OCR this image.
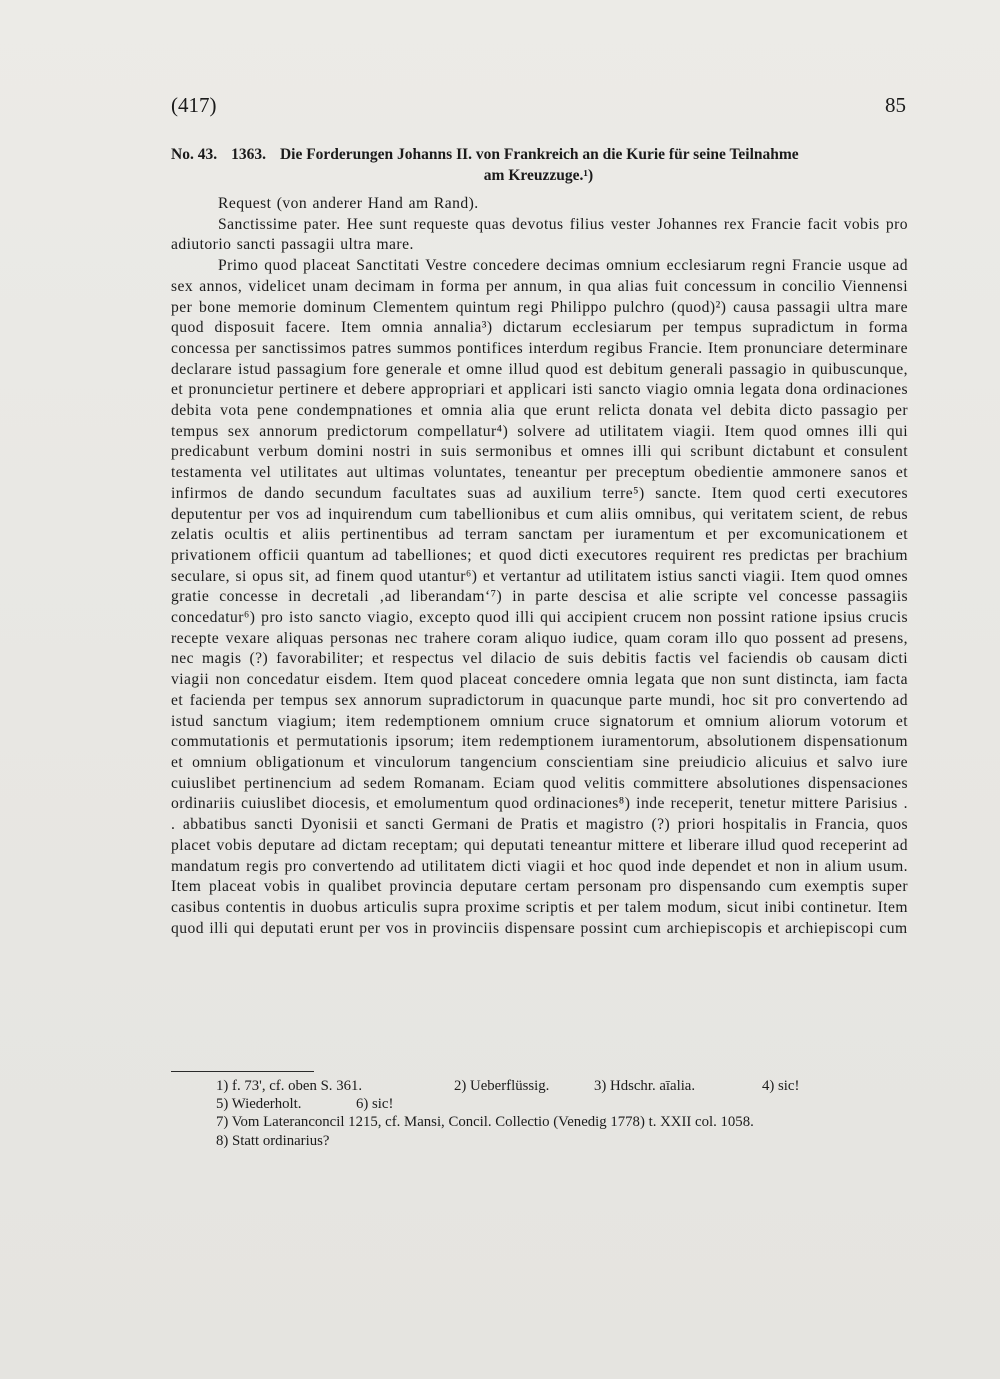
(417)	85
No. 43. 1363. Die Forderungen Johanns II. von Frankreich an die Kurie für seine Teilnahme
am Kreuzzuge.¹)

Request (von anderer Hand am Rand).

Sanctissime pater. Hee sunt requeste quas devotus filius vester Johannes rex Francie facit vobis pro adiutorio sancti passagii ultra mare.

Primo quod placeat Sanctitati Vestre concedere decimas omnium ecclesiarum regni Francie usque ad sex annos, videlicet unam decimam in forma per annum, in qua alias fuit concessum in concilio Viennensi per bone memorie dominum Clementem quintum regi Philippo pulchro (quod)²) causa passagii ultra mare quod disposuit facere. Item omnia annalia³) dictarum ecclesiarum per tempus supradictum in forma concessa per sanctissimos patres summos pontifices interdum regibus Francie. Item pronunciare determinare declarare istud passagium fore generale et omne illud quod est debitum generali passagio in quibuscunque, et pronuncietur pertinere et debere appropriari et applicari isti sancto viagio omnia legata dona ordinaciones debita vota pene condempnationes et omnia alia que erunt relicta donata vel debita dicto passagio per tempus sex annorum predictorum compellatur⁴) solvere ad utilitatem viagii. Item quod omnes illi qui predicabunt verbum domini nostri in suis sermonibus et omnes illi qui scribunt dictabunt et consulent testamenta vel utilitates aut ultimas voluntates, teneantur per preceptum obedientie ammonere sanos et infirmos de dando secundum facultates suas ad auxilium terre⁵) sancte. Item quod certi executores deputentur per vos ad inquirendum cum tabellionibus et cum aliis omnibus, qui veritatem scient, de rebus zelatis ocultis et aliis pertinentibus ad terram sanctam per iuramentum et per excomunicationem et privationem officii quantum ad tabelliones; et quod dicti executores requirent res predictas per brachium seculare, si opus sit, ad finem quod utantur⁶) et vertantur ad utilitatem istius sancti viagii. Item quod omnes gratie concesse in decretali ‚ad liberandam‘⁷) in parte descisa et alie scripte vel concesse passagiis concedatur⁶) pro isto sancto viagio, excepto quod illi qui accipient crucem non possint ratione ipsius crucis recepte vexare aliquas personas nec trahere coram aliquo iudice, quam coram illo quo possent ad presens, nec magis (?) favorabiliter; et respectus vel dilacio de suis debitis factis vel faciendis ob causam dicti viagii non concedatur eisdem. Item quod placeat concedere omnia legata que non sunt distincta, iam facta et facienda per tempus sex annorum supradictorum in quacunque parte mundi, hoc sit pro convertendo ad istud sanctum viagium; item redemptionem omnium cruce signatorum et omnium aliorum votorum et commutationis et permutationis ipsorum; item redemptionem iuramentorum, absolutionem dispensationum et omnium obligationum et vinculorum tangencium conscientiam sine preiudicio alicuius et salvo iure cuiuslibet pertinencium ad sedem Romanam. Eciam quod velitis committere absolutiones dispensaciones ordinariis cuiuslibet diocesis, et emolumentum quod ordinaciones⁸) inde receperit, tenetur mittere Parisius . . abbatibus sancti Dyonisii et sancti Germani de Pratis et magistro (?) priori hospitalis in Francia, quos placet vobis deputare ad dictam receptam; qui deputati teneantur mittere et liberare illud quod receperint ad mandatum regis pro convertendo ad utilitatem dicti viagii et hoc quod inde dependet et non in alium usum. Item placeat vobis in qualibet provincia deputare certam personam pro dispensando cum exemptis super casibus contentis in duobus articulis supra proxime scriptis et per talem modum, sicut inibi continetur. Item quod illi qui deputati erunt per vos in provinciis dispensare possint cum archiepiscopis et archiepiscopi cum

1) f. 73', cf. oben S. 361.	2) Ueberflüssig.	3) Hdschr. aīalia.	4) sic!
5) Wiederholt.	6) sic!
7) Vom Lateranconcil 1215, cf. Mansi, Concil. Collectio (Venedig 1778) t. XXII col. 1058.
8) Statt ordinarius?
